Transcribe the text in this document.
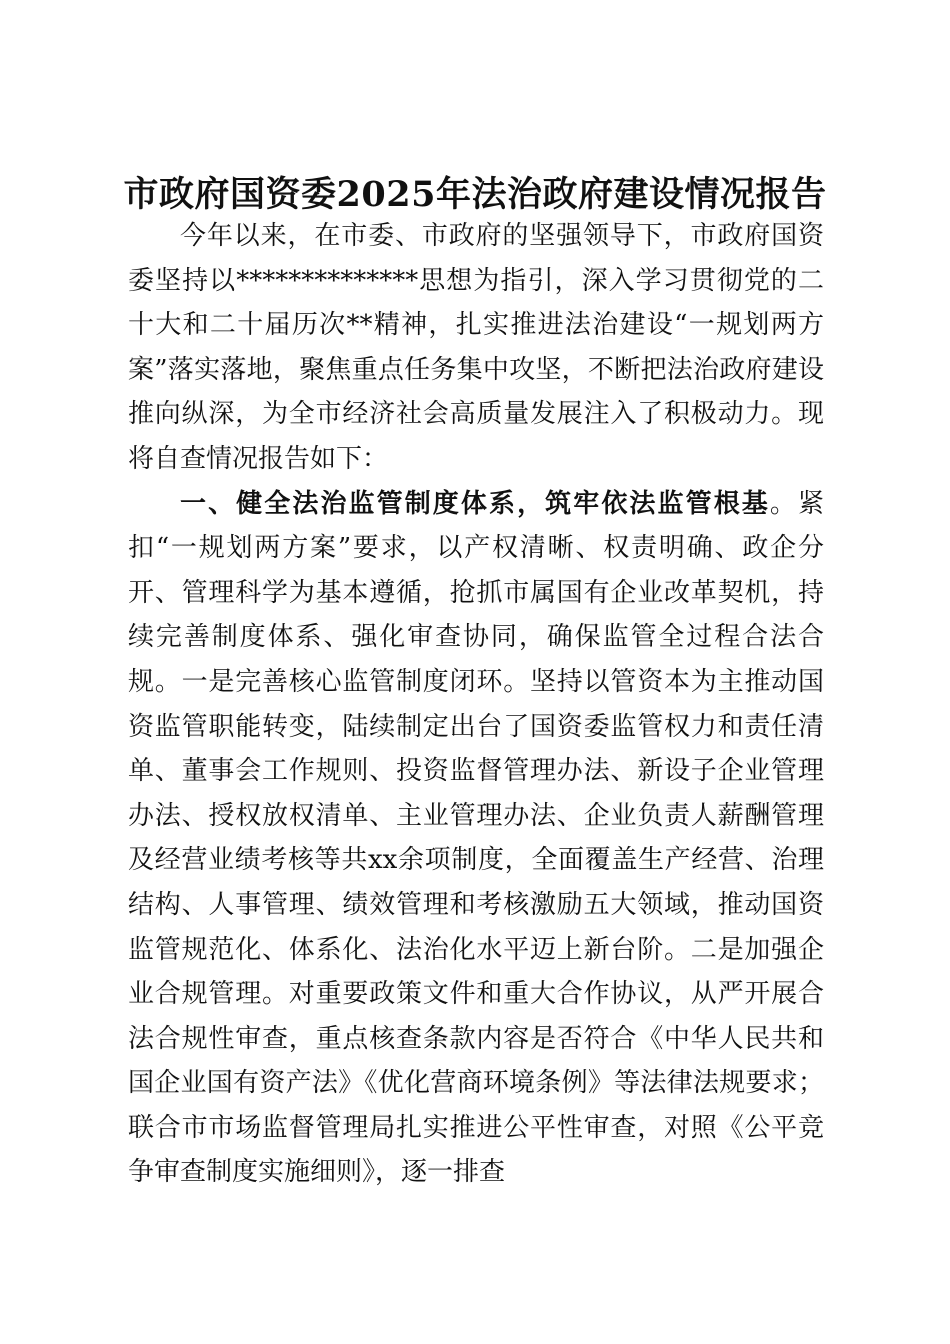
市政府国资委2025年法治政府建设情况报告

今年以来，在市委、市政府的坚强领导下，市政府国资委坚持以**************思想为指引，深入学习贯彻党的二十大和二十届历次**精神，扎实推进法治建设“一规划两方案”落实落地，聚焦重点任务集中攻坚，不断把法治政府建设推向纵深，为全市经济社会高质量发展注入了积极动力。现将自查情况报告如下：

一、健全法治监管制度体系，筑牢依法监管根基。紧扣“一规划两方案”要求，以产权清晰、权责明确、政企分开、管理科学为基本遵循，抢抓市属国有企业改革契机，持续完善制度体系、强化审查协同，确保监管全过程合法合规。一是完善核心监管制度闭环。坚持以管资本为主推动国资监管职能转变，陆续制定出台了国资委监管权力和责任清单、董事会工作规则、投资监督管理办法、新设子企业管理办法、授权放权清单、主业管理办法、企业负责人薪酬管理及经营业绩考核等共xx余项制度，全面覆盖生产经营、治理结构、人事管理、绩效管理和考核激励五大领域，推动国资监管规范化、体系化、法治化水平迈上新台阶。二是加强企业合规管理。对重要政策文件和重大合作协议，从严开展合法合规性审查，重点核查条款内容是否符合《中华人民共和国企业国有资产法》《优化营商环境条例》等法律法规要求；联合市市场监督管理局扎实推进公平性审查，对照《公平竞争审查制度实施细则》，逐一排查
